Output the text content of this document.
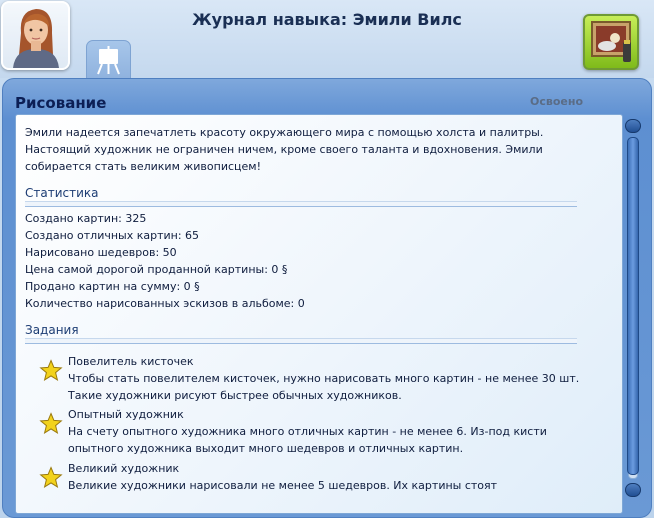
Журнал навыка: Эмили Вилс
Рисование	Освоено
Эмили надеется запечатлеть красоту окружающего мира с помощью холста и палитры. Настоящий художник не ограничен ничем, кроме своего таланта и вдохновения. Эмили собирается стать великим живописцем!
Статистика
Создано картин: 325
Создано отличных картин: 65
Нарисовано шедевров: 50
Цена самой дорогой проданной картины: 0 §
Продано картин на сумму: 0 §
Количество нарисованных эскизов в альбоме: 0
Задания
Повелитель кисточек
Чтобы стать повелителем кисточек, нужно нарисовать много картин - не менее 30 шт. Такие художники рисуют быстрее обычных художников.
Опытный художник
На счету опытного художника много отличных картин - не менее 6. Из-под кисти опытного художника выходит много шедевров и отличных картин.
Великий художник
Великие художники нарисовали не менее 5 шедевров. Их картины стоят
